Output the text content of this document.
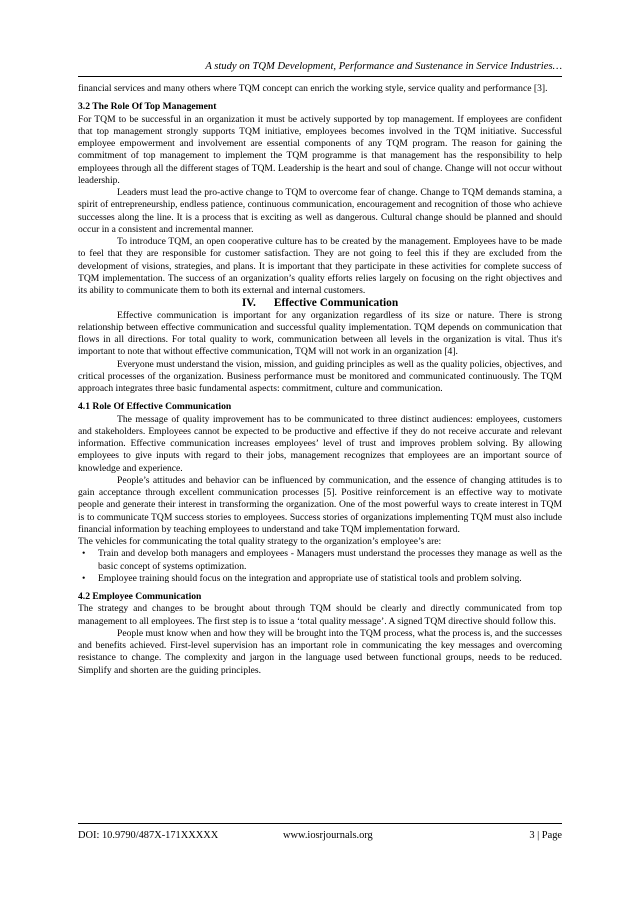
A study on TQM Development, Performance and Sustenance in Service Industries…

financial services and many others where TQM concept can enrich the working style, service quality and performance [3].

3.2 The Role Of Top Management

For TQM to be successful in an organization it must be actively supported by top management. If employees are confident that top management strongly supports TQM initiative, employees becomes involved in the TQM initiative. Successful employee empowerment and involvement are essential components of any TQM program. The reason for gaining the commitment of top management to implement the TQM programme is that management has the responsibility to help employees through all the different stages of TQM. Leadership is the heart and soul of change. Change will not occur without leadership.

Leaders must lead the pro-active change to TQM to overcome fear of change. Change to TQM demands stamina, a spirit of entrepreneurship, endless patience, continuous communication, encouragement and recognition of those who achieve successes along the line. It is a process that is exciting as well as dangerous. Cultural change should be planned and should occur in a consistent and incremental manner.

To introduce TQM, an open cooperative culture has to be created by the management. Employees have to be made to feel that they are responsible for customer satisfaction. They are not going to feel this if they are excluded from the development of visions, strategies, and plans. It is important that they participate in these activities for complete success of TQM implementation. The success of an organization’s quality efforts relies largely on focusing on the right objectives and its ability to communicate them to both its external and internal customers.

IV. Effective Communication

Effective communication is important for any organization regardless of its size or nature. There is strong relationship between effective communication and successful quality implementation. TQM depends on communication that flows in all directions. For total quality to work, communication between all levels in the organization is vital. Thus it's important to note that without effective communication, TQM will not work in an organization [4].

Everyone must understand the vision, mission, and guiding principles as well as the quality policies, objectives, and critical processes of the organization. Business performance must be monitored and communicated continuously. The TQM approach integrates three basic fundamental aspects: commitment, culture and communication.

4.1 Role Of Effective Communication

The message of quality improvement has to be communicated to three distinct audiences: employees, customers and stakeholders. Employees cannot be expected to be productive and effective if they do not receive accurate and relevant information. Effective communication increases employees’ level of trust and improves problem solving. By allowing employees to give inputs with regard to their jobs, management recognizes that employees are an important source of knowledge and experience.

People’s attitudes and behavior can be influenced by communication, and the essence of changing attitudes is to gain acceptance through excellent communication processes [5]. Positive reinforcement is an effective way to motivate people and generate their interest in transforming the organization. One of the most powerful ways to create interest in TQM is to communicate TQM success stories to employees. Success stories of organizations implementing TQM must also include financial information by teaching employees to understand and take TQM implementation forward.

The vehicles for communicating the total quality strategy to the organization’s employee’s are:

• Train and develop both managers and employees - Managers must understand the processes they manage as well as the basic concept of systems optimization.
• Employee training should focus on the integration and appropriate use of statistical tools and problem solving.

4.2 Employee Communication

The strategy and changes to be brought about through TQM should be clearly and directly communicated from top management to all employees. The first step is to issue a ‘total quality message’. A signed TQM directive should follow this.

People must know when and how they will be brought into the TQM process, what the process is, and the successes and benefits achieved. First-level supervision has an important role in communicating the key messages and overcoming resistance to change. The complexity and jargon in the language used between functional groups, needs to be reduced. Simplify and shorten are the guiding principles.

DOI: 10.9790/487X-171XXXXX	www.iosrjournals.org	3 | Page
